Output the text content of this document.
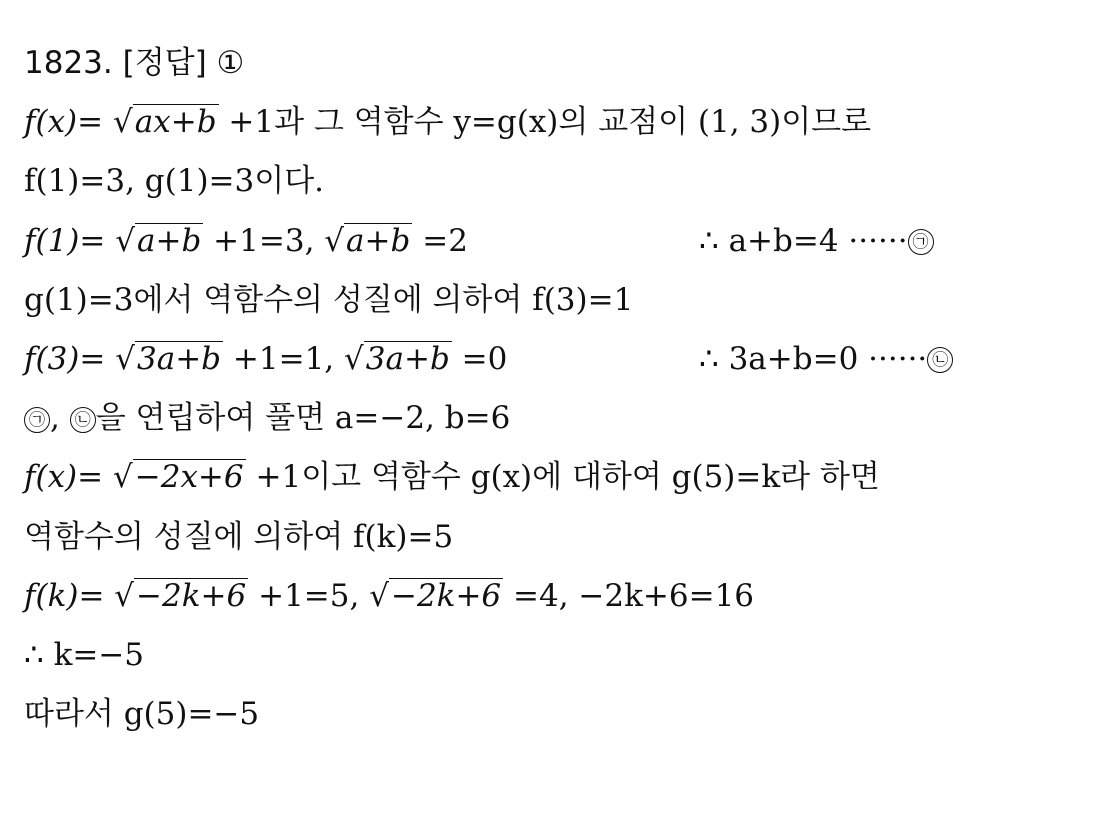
1823. [정답] ①
f(x)= √ax+b +1과 그 역함수 y=g(x)의 교점이 (1, 3)이므로
f(1)=3, g(1)=3이다.
f(1)= √a+b +1=3, √a+b =2	∴ a+b=4 ······ ㉠
g(1)=3에서 역함수의 성질에 의하여 f(3)=1
f(3)= √3a+b +1=1, √3a+b =0	∴ 3a+b=0 ······ ㉡
㉠ , ㉡ 을 연립하여 풀면 a=−2, b=6
f(x)= √−2x+6 +1이고 역함수 g(x)에 대하여 g(5)=k라 하면
역함수의 성질에 의하여 f(k)=5
f(k)= √−2k+6 +1=5, √−2k+6 =4, −2k+6=16
∴ k=−5
따라서 g(5)=−5
